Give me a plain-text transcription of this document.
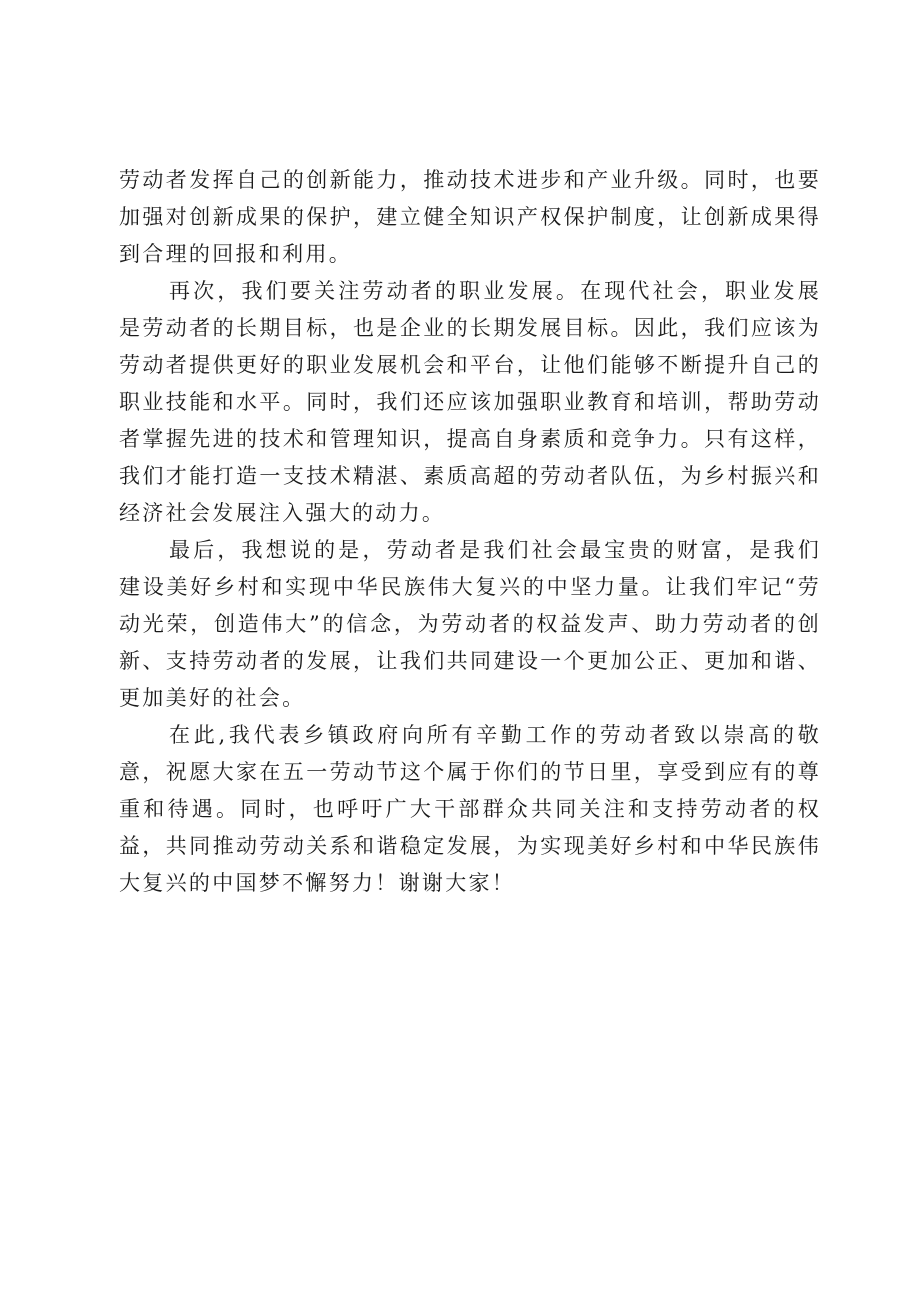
劳动者发挥自己的创新能力，推动技术进步和产业升级。同时，也要加强对创新成果的保护，建立健全知识产权保护制度，让创新成果得到合理的回报和利用。

再次，我们要关注劳动者的职业发展。在现代社会，职业发展是劳动者的长期目标，也是企业的长期发展目标。因此，我们应该为劳动者提供更好的职业发展机会和平台，让他们能够不断提升自己的职业技能和水平。同时，我们还应该加强职业教育和培训，帮助劳动者掌握先进的技术和管理知识，提高自身素质和竞争力。只有这样，我们才能打造一支技术精湛、素质高超的劳动者队伍，为乡村振兴和经济社会发展注入强大的动力。

最后，我想说的是，劳动者是我们社会最宝贵的财富，是我们建设美好乡村和实现中华民族伟大复兴的中坚力量。让我们牢记“劳动光荣，创造伟大”的信念，为劳动者的权益发声、助力劳动者的创新、支持劳动者的发展，让我们共同建设一个更加公正、更加和谐、更加美好的社会。

在此,我代表乡镇政府向所有辛勤工作的劳动者致以崇高的敬意，祝愿大家在五一劳动节这个属于你们的节日里，享受到应有的尊重和待遇。同时，也呼吁广大干部群众共同关注和支持劳动者的权益，共同推动劳动关系和谐稳定发展，为实现美好乡村和中华民族伟大复兴的中国梦不懈努力！谢谢大家！
